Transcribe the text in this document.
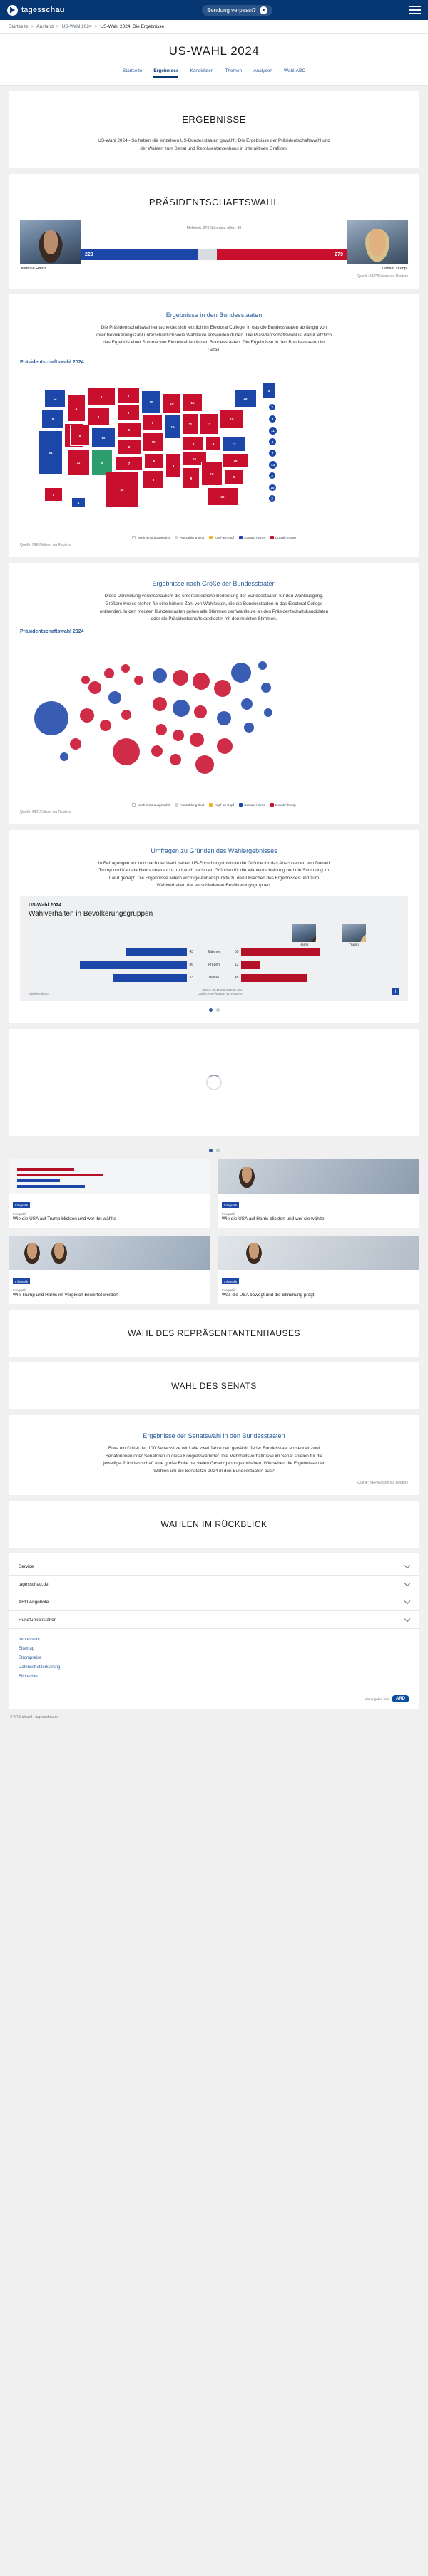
tagesschau	Sendung verpasst?
Startseite > Ausland > US-Wahl 2024 > US-Wahl 2024: Die Ergebnisse
US-WAHL 2024
Startseite Ergebnisse Kandidaten Themen Analysen Wahl-ABC
ERGEBNISSE

US-Wahl 2024 - So haben die einzelnen US-Bundesstaaten gewählt: Die Ergebnisse der Präsidentschaftswahl und der Wahlen zum Senat und Repräsentantenhaus in interaktiven Grafiken.

PRÄSIDENTSCHAFTSWAHL
Kamala Harris
Mehrheit: 270 Stimmen, offen: 30
229	279
Donald Trump
Quelle: NEP/Edison via Reuters
Ergebnisse in den Bundesstaaten

Die Präsidentschaftswahl entscheidet sich letztlich im Electoral College, in das die Bundesstaaten abhängig von ihrer Bevölkerungszahl unterschiedlich viele Wahlleute entsenden dürfen. Die Präsidentschaftswahl ist damit letztlich das Ergebnis einer Summe von Einzelwahlen in den Bundesstaaten. Die Ergebnisse in den Bundesstaaten im Detail.

Präsidentschaftswahl 2024
12
8
54
4
4
3
6
11
10
5
3
3
5
6
7
40
10
6
10
6
8
10
19
6
15
11
8
11
9
17
4
16
30
19
13
16
9
28
4
3
4
3
4
11
4
7
14
3
10
3
Noch nicht ausgezählt	Auszählung läuft	Kopf-an-Kopf	Kamala Harris	Donald Trump
Quelle: NEP/Edison via Reuters
Ergebnisse nach Größe der Bundesstaaten

Diese Darstellung veranschaulicht die unterschiedliche Bedeutung der Bundesstaaten für den Wahlausgang. Größere Kreise stehen für eine höhere Zahl von Wahlleuten, die die Bundesstaaten in das Electoral College entsenden. In den meisten Bundesstaaten gehen alle Stimmen der Wahlleute an den Präsidentschaftskandidaten oder die Präsidentschaftskandidatin mit den meisten Stimmen.

Präsidentschaftswahl 2024
Noch nicht ausgezählt	Auszählung läuft	Kopf-an-Kopf	Kamala Harris	Donald Trump
Quelle: NEP/Edison via Reuters
Umfragen zu Gründen des Wahlergebnisses

In Befragungen vor und nach der Wahl haben US-Forschungsinstitute die Gründe für das Abschneiden von Donald Trump und Kamala Harris untersucht und auch nach den Gründen für die Wahlentscheidung und die Stimmung im Land gefragt. Die Ergebnisse liefern wichtige Anhaltspunkte zu den Ursachen des Ergebnisses und zum Wahlverhalten der verschiedenen Bevölkerungsgruppen.

US-Wahl 2024
Wahlverhalten in Bevölkerungsgruppen
Harris	Trump
43	Männer	55
86	Frauen	12
53	Weiße	45
tabellen.demo
Stand: 09.11.2024 06:35 Uhr
Quelle: NEP/Edison via Reuters	i
Infografik
Infografik
Wie die USA auf Trump blickten und wer ihn wählte
Infografik
Infografik
Wie Trump und Harris im Vergleich bewertet werden
Infografik
Infografik
Wie die USA auf Harris blickten und wer sie wählte
Infografik
Infografik
Was die USA bewegt und die Stimmung prägt
WAHL DES REPRÄSENTANTENHAUSES
WAHL DES SENATS
Ergebnisse der Senatswahl in den Bundesstaaten

Etwa ein Drittel der 100 Senatssitze wird alle zwei Jahre neu gewählt. Jeder Bundesstaat entsendet zwei Senatorinnen oder Senatoren in diese Kongresskammer. Die Mehrheitsverhältnisse im Senat spielen für die jeweilige Präsidentschaft eine große Rolle bei vielen Gesetzgebungsvorhaben. Wie sehen die Ergebnisse der Wahlen um die Senatsitze 2024 in den Bundesstaaten aus?

Quelle: NEP/Edison via Reuters
WAHLEN IM RÜCKBLICK
Service
tagesschau.de
ARD Angebote
Rundfunkanstalten
Impressum
Sitemap
Strompreise
Datenschutzerklärung
Bildrechte
ein Angebot von	ARD
© ARD aktuell / tagesschau.de
